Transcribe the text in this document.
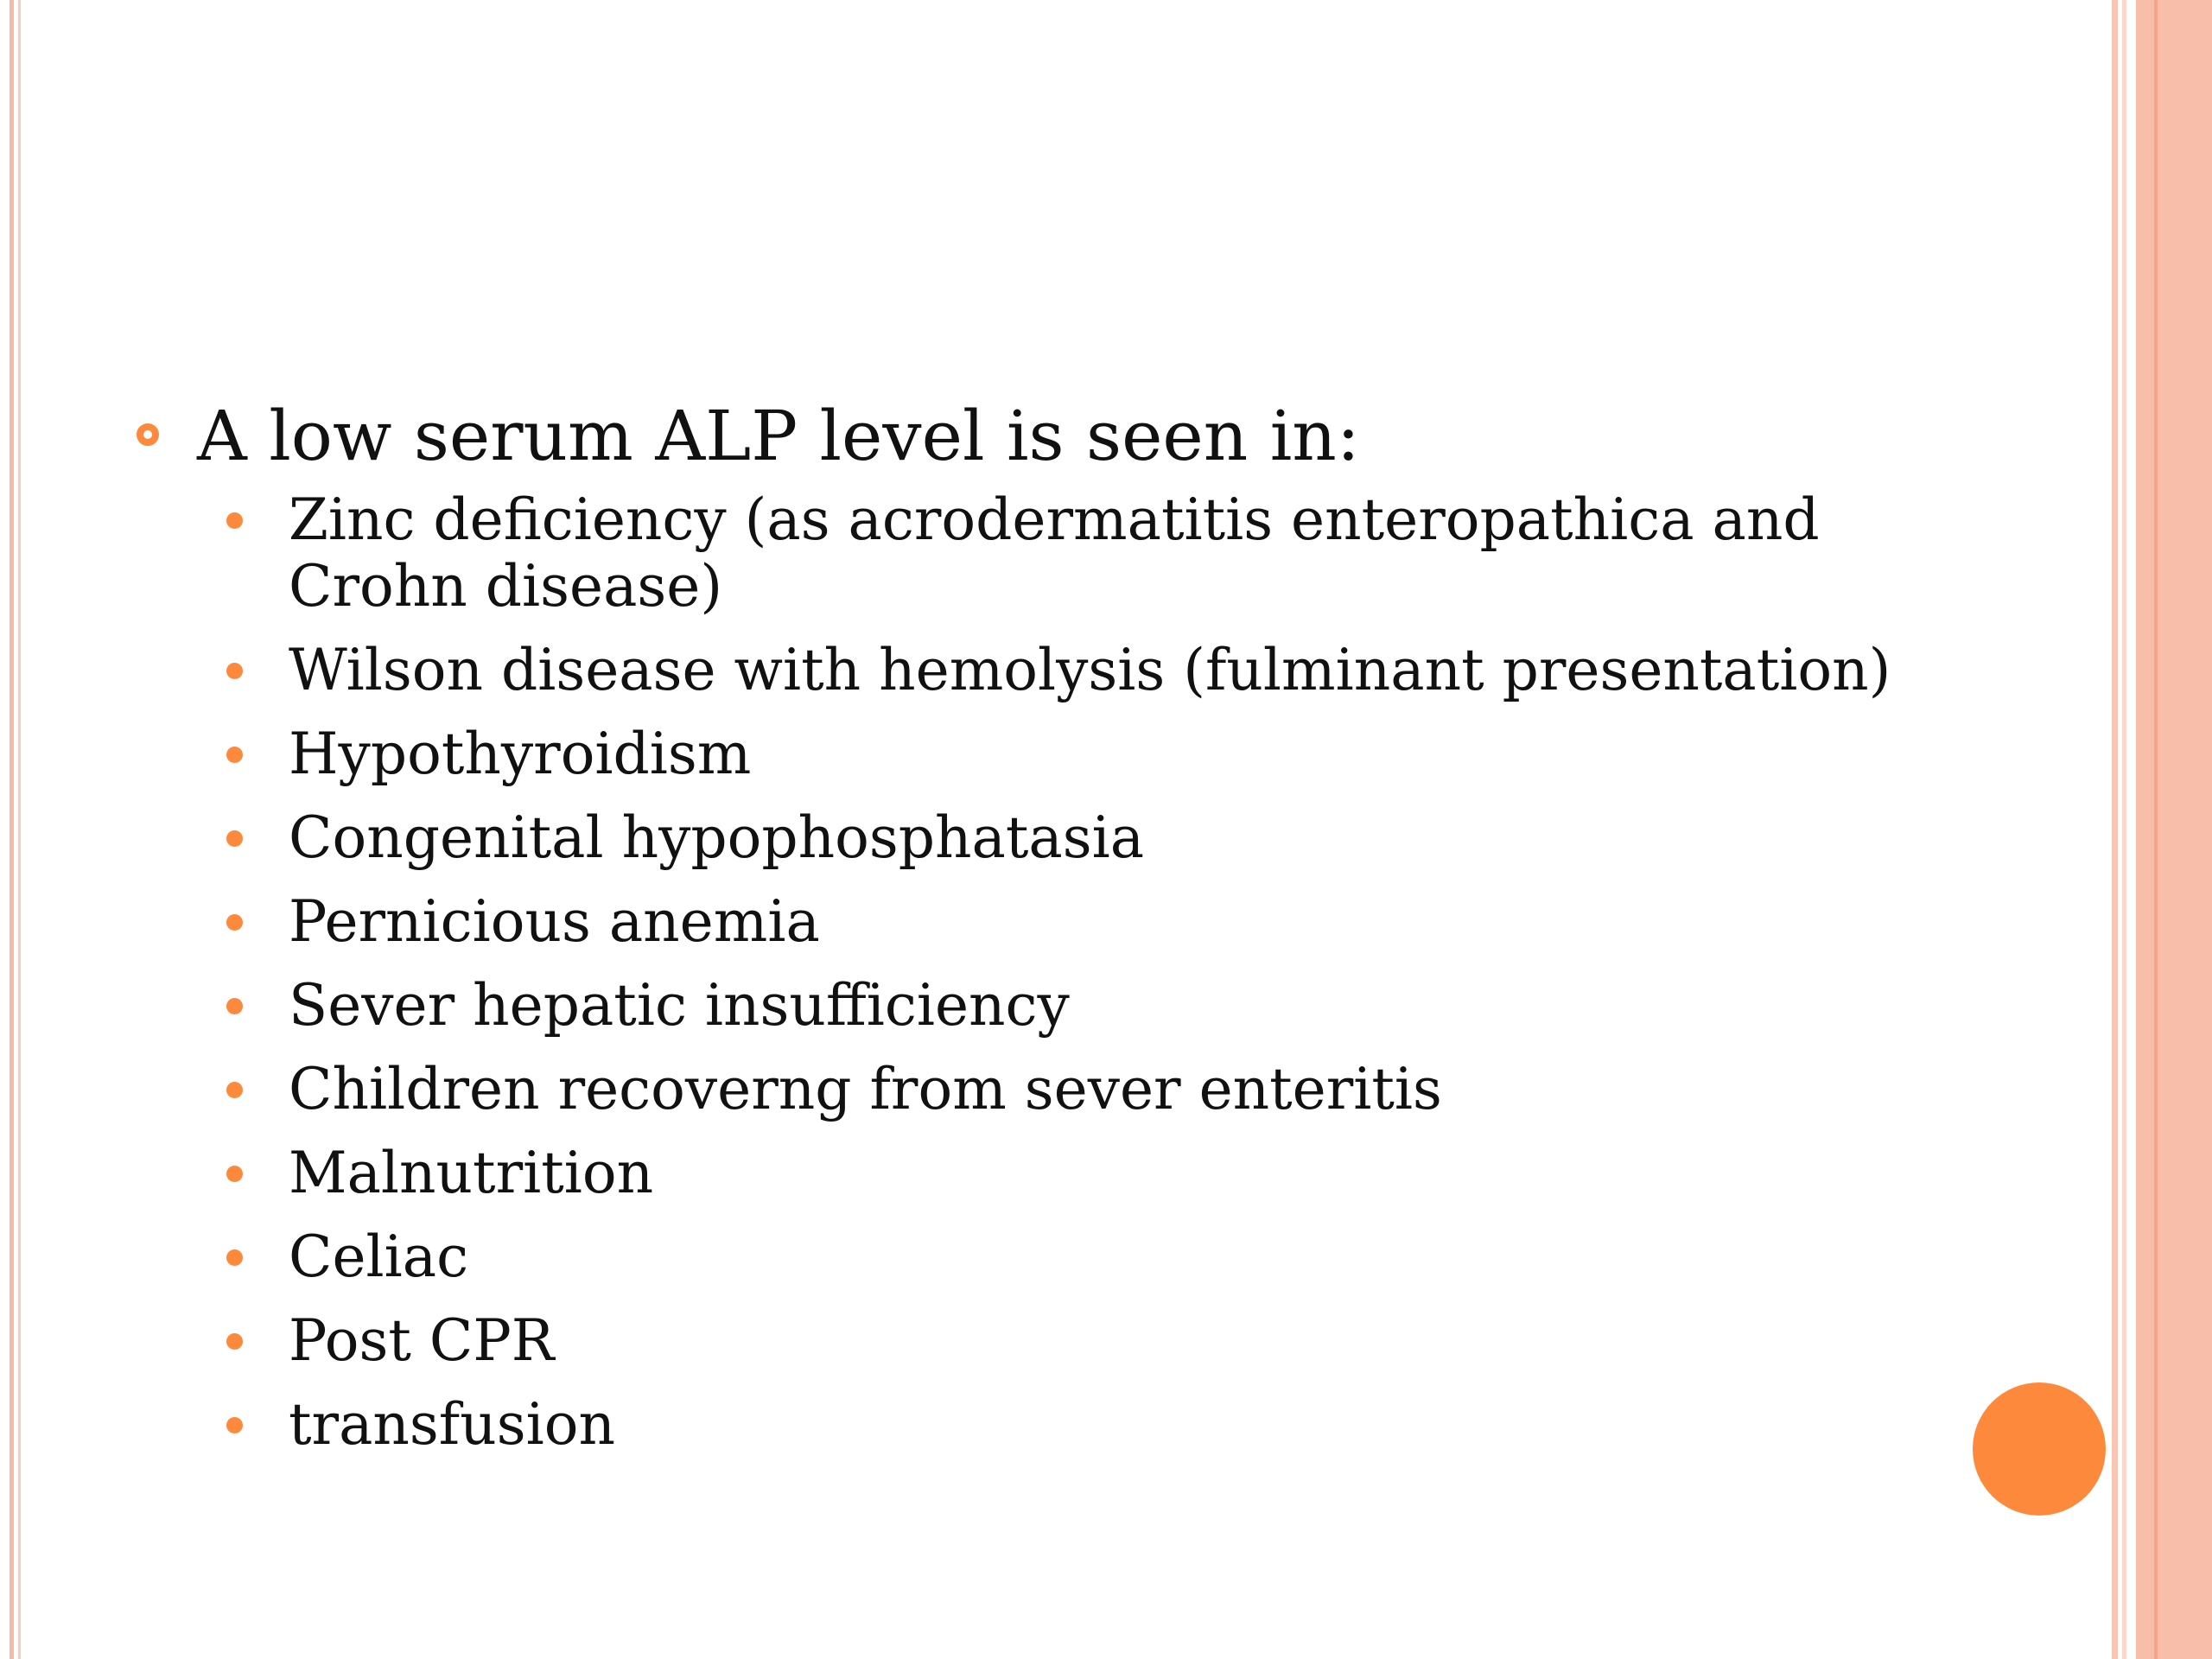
A low serum ALP level is seen in:

Zinc deficiency (as acrodermatitis enteropathica and Crohn disease)
Wilson disease with hemolysis (fulminant presentation)
Hypothyroidism
Congenital hypophosphatasia
Pernicious anemia
Sever hepatic insufficiency
Children recoverng from sever enteritis
Malnutrition
Celiac
Post CPR
transfusion
